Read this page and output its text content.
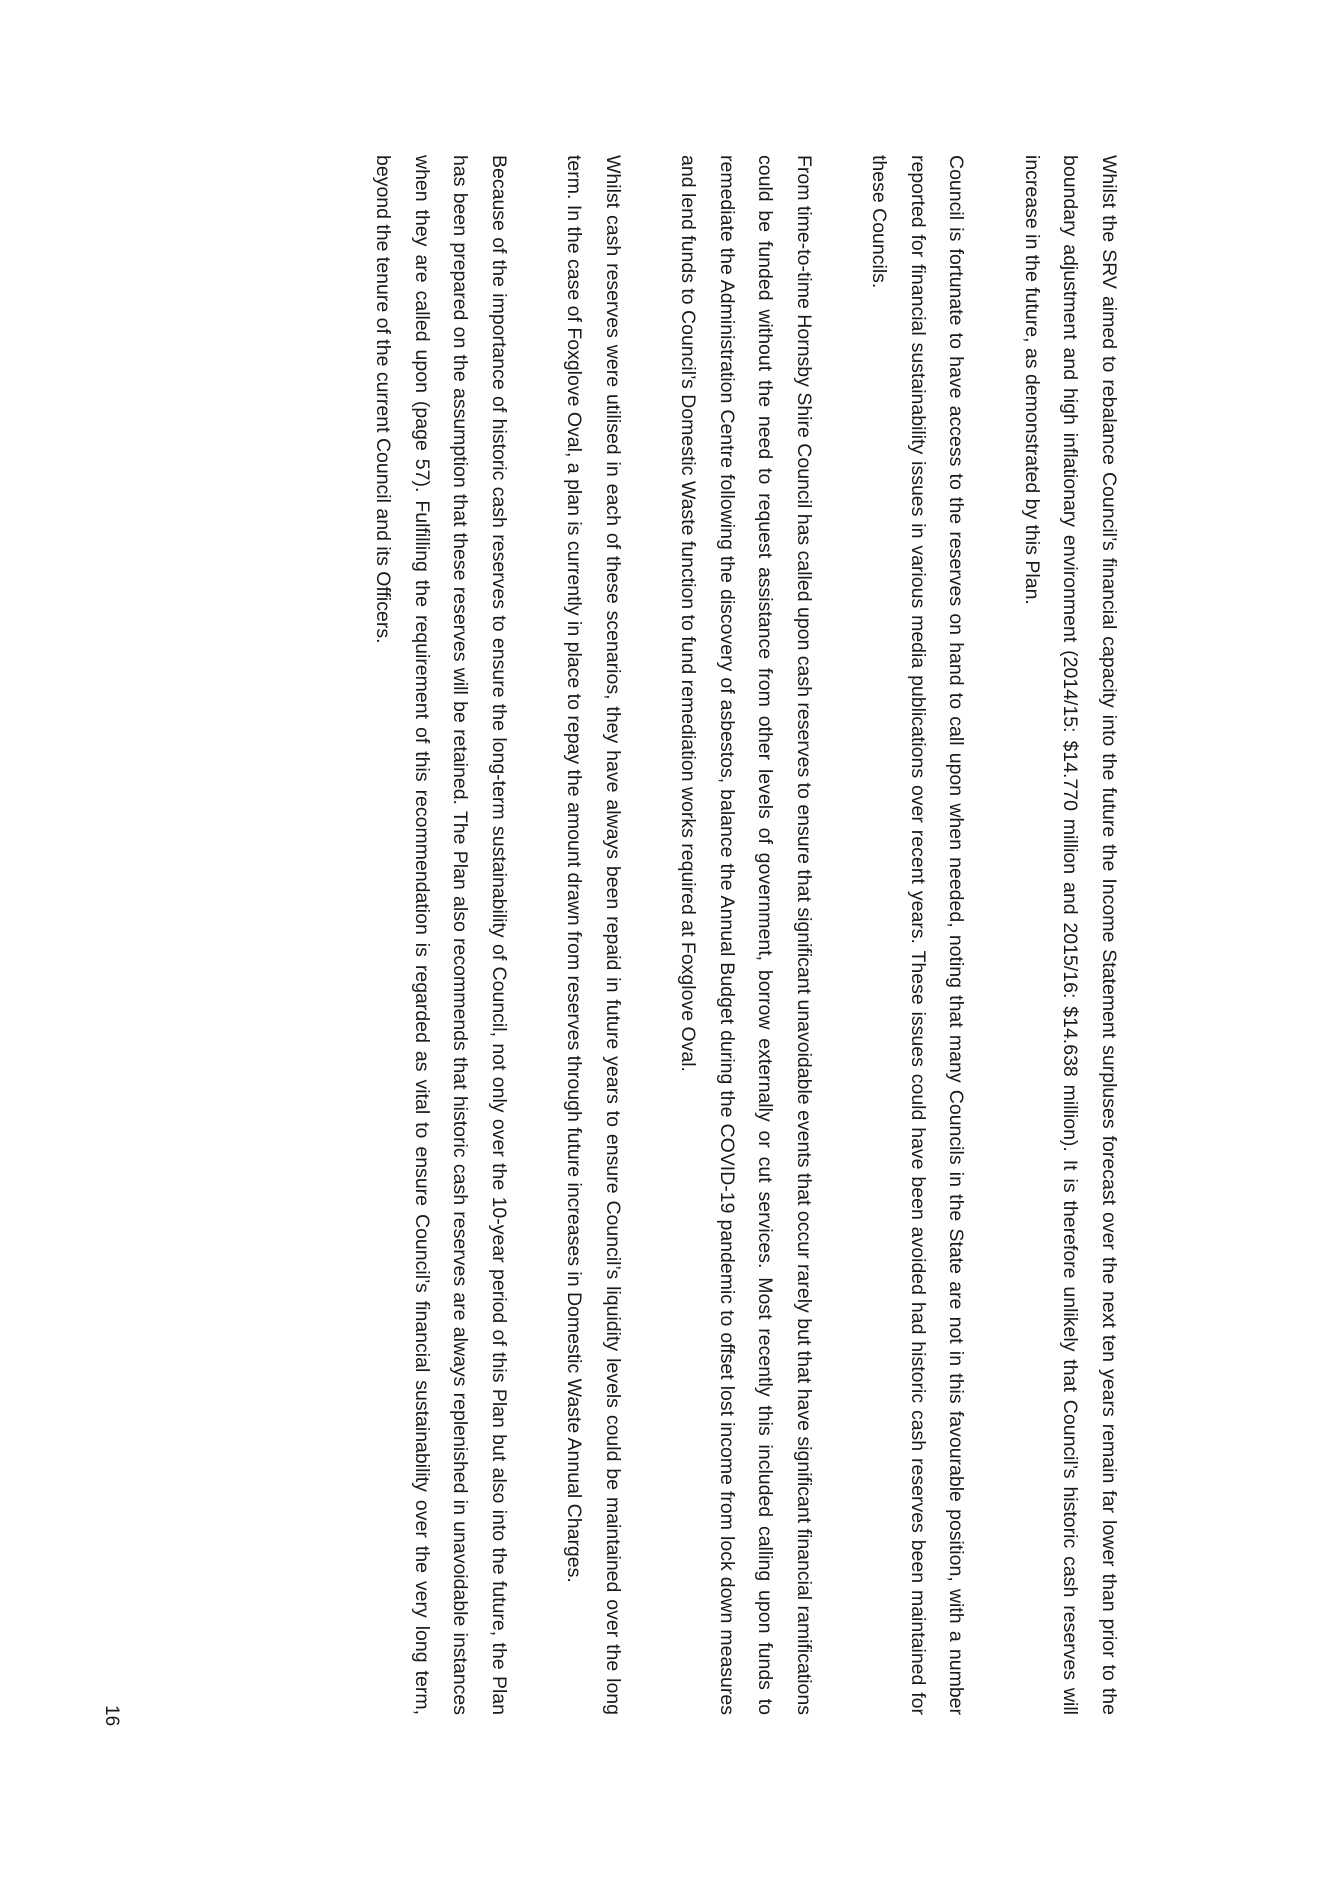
Whilst the SRV aimed to rebalance Council’s financial capacity into the future the Income Statement surpluses forecast over the next ten years remain far lower than prior to the boundary adjustment and high inflationary environment (2014/15: $14.770 million and 2015/16: $14.638 million). It is therefore unlikely that Council’s historic cash reserves will increase in the future, as demonstrated by this Plan.

Council is fortunate to have access to the reserves on hand to call upon when needed, noting that many Councils in the State are not in this favourable position, with a number reported for financial sustainability issues in various media publications over recent years. These issues could have been avoided had historic cash reserves been maintained for these Councils.

From time-to-time Hornsby Shire Council has called upon cash reserves to ensure that significant unavoidable events that occur rarely but that have significant financial ramifications could be funded without the need to request assistance from other levels of government, borrow externally or cut services. Most recently this included calling upon funds to remediate the Administration Centre following the discovery of asbestos, balance the Annual Budget during the COVID-19 pandemic to offset lost income from lock down measures and lend funds to Council’s Domestic Waste function to fund remediation works required at Foxglove Oval.

Whilst cash reserves were utilised in each of these scenarios, they have always been repaid in future years to ensure Council’s liquidity levels could be maintained over the long term. In the case of Foxglove Oval, a plan is currently in place to repay the amount drawn from reserves through future increases in Domestic Waste Annual Charges.

Because of the importance of historic cash reserves to ensure the long-term sustainability of Council, not only over the 10-year period of this Plan but also into the future, the Plan has been prepared on the assumption that these reserves will be retained. The Plan also recommends that historic cash reserves are always replenished in unavoidable instances when they are called upon (page 57). Fulfilling the requirement of this recommendation is regarded as vital to ensure Council’s financial sustainability over the very long term, beyond the tenure of the current Council and its Officers.

16
